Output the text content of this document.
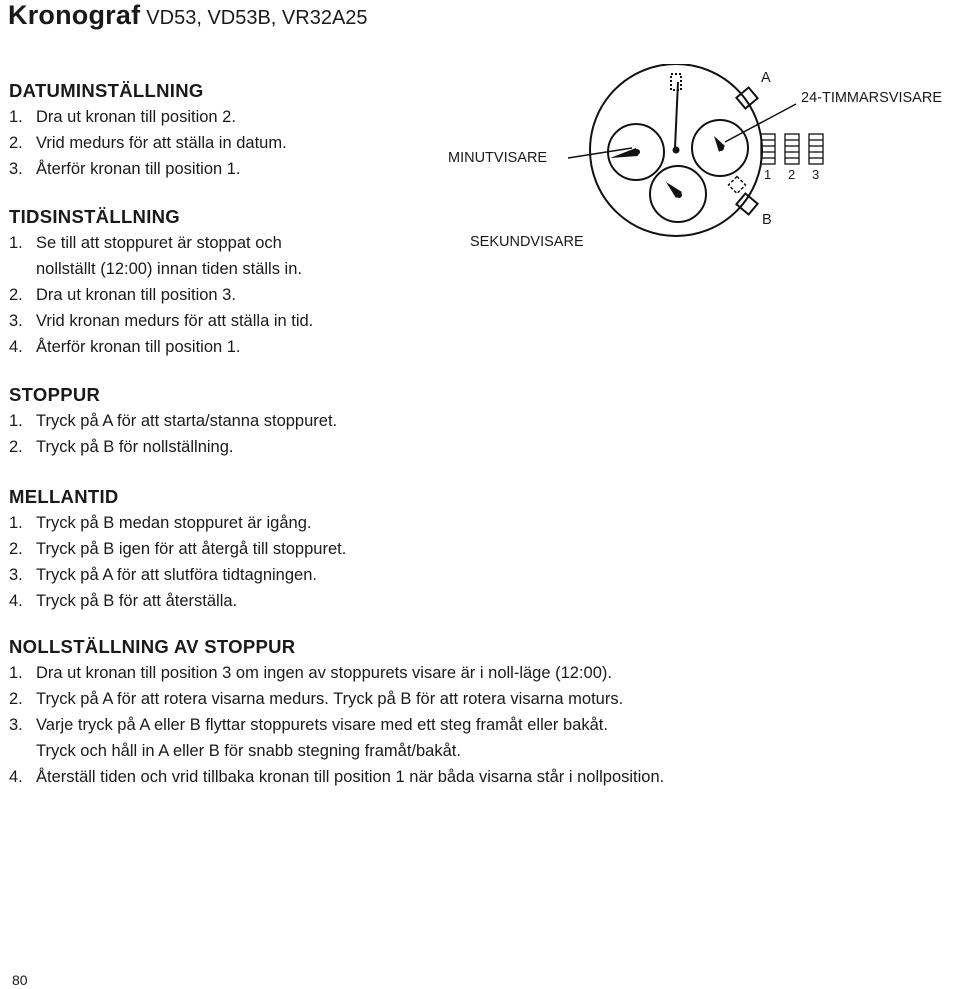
Kronograf VD53, VD53B, VR32A25
DATUMINSTÄLLNING
1. Dra ut kronan till position 2.
2. Vrid medurs för att ställa in datum.
3. Återför kronan till position 1.
TIDSINSTÄLLNING
1. Se till att stoppuret är stoppat och
nollställt (12:00) innan tiden ställs in.
2. Dra ut kronan till position 3.
3. Vrid kronan medurs för att ställa in tid.
4. Återför kronan till position 1.
STOPPUR
1. Tryck på A för att starta/stanna stoppuret.
2. Tryck på B för nollställning.
MELLANTID
1. Tryck på B medan stoppuret är igång.
2. Tryck på B igen för att återgå till stoppuret.
3. Tryck på A för att slutföra tidtagningen.
4. Tryck på B för att återställa.
NOLLSTÄLLNING AV STOPPUR
1. Dra ut kronan till position 3 om ingen av stoppurets visare är i noll-läge (12:00).
2. Tryck på A för att rotera visarna medurs. Tryck på B för att rotera visarna moturs.
3. Varje tryck på A eller B flyttar stoppurets visare med ett steg framåt eller bakåt.
Tryck och håll in A eller B för snabb stegning framåt/bakåt.
4. Återställ tiden och vrid tillbaka kronan till position 1 när båda visarna står i nollposition.
MINUTVISARE
SEKUNDVISARE
24-TIMMARSVISARE
A
B
1 2 3
80
